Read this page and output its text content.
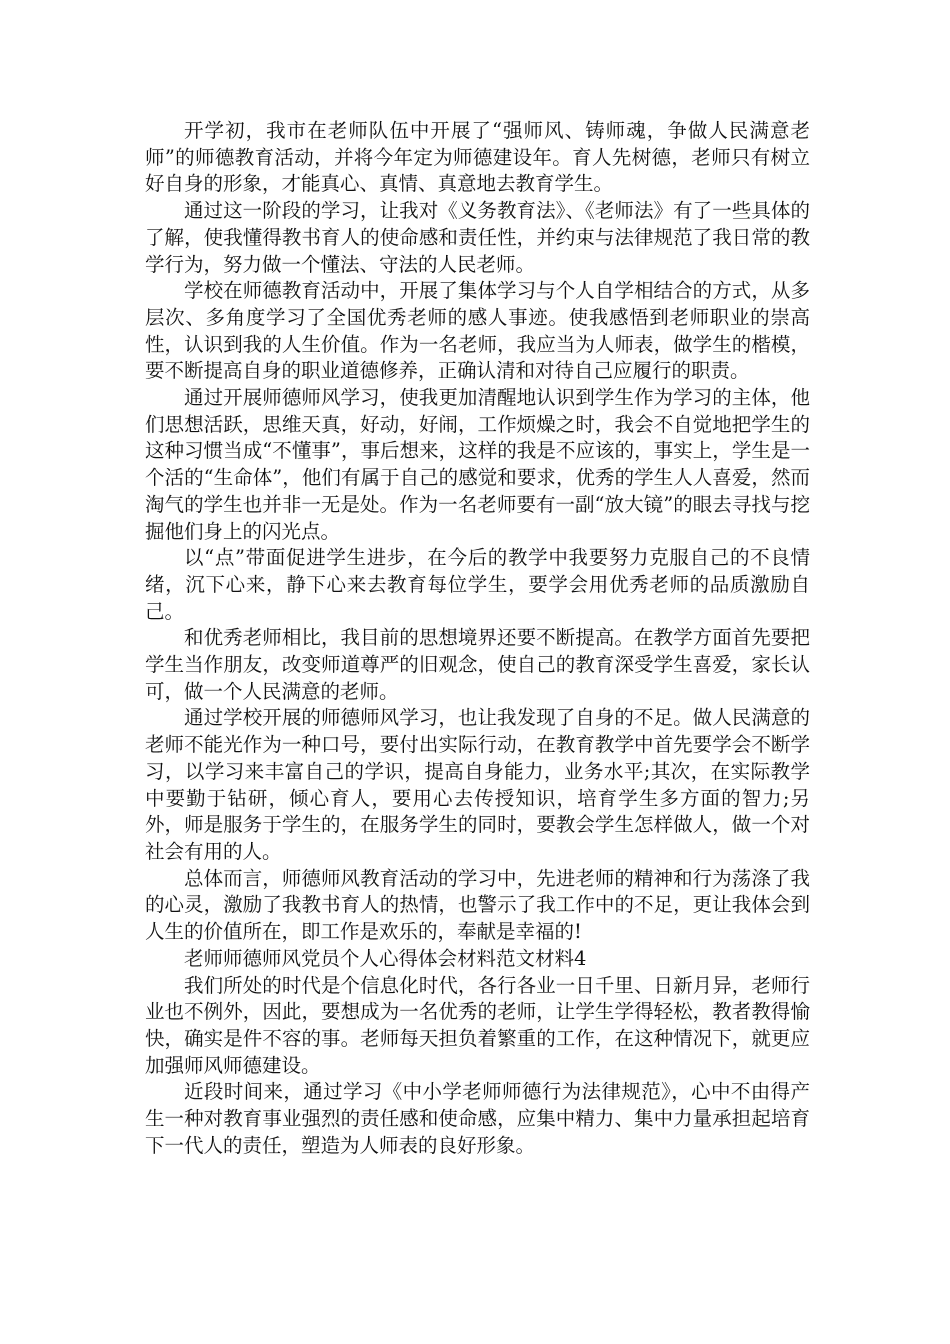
开学初，我市在老师队伍中开展了“强师风、铸师魂，争做人民满意老师”的师德教育活动，并将今年定为师德建设年。育人先树德，老师只有树立好自身的形象，才能真心、真情、真意地去教育学生。

通过这一阶段的学习，让我对《义务教育法》、《老师法》有了一些具体的了解，使我懂得教书育人的使命感和责任性，并约束与法律规范了我日常的教学行为，努力做一个懂法、守法的人民老师。

学校在师德教育活动中，开展了集体学习与个人自学相结合的方式，从多层次、多角度学习了全国优秀老师的感人事迹。使我感悟到老师职业的崇高性，认识到我的人生价值。作为一名老师，我应当为人师表，做学生的楷模，要不断提高自身的职业道德修养，正确认清和对待自己应履行的职责。

通过开展师德师风学习，使我更加清醒地认识到学生作为学习的主体，他们思想活跃，思维天真，好动，好闹，工作烦燥之时，我会不自觉地把学生的这种习惯当成“不懂事”，事后想来，这样的我是不应该的，事实上，学生是一个活的“生命体”，他们有属于自己的感觉和要求，优秀的学生人人喜爱，然而淘气的学生也并非一无是处。作为一名老师要有一副“放大镜”的眼去寻找与挖掘他们身上的闪光点。

以“点”带面促进学生进步，在今后的教学中我要努力克服自己的不良情绪，沉下心来，静下心来去教育每位学生，要学会用优秀老师的品质激励自己。

和优秀老师相比，我目前的思想境界还要不断提高。在教学方面首先要把学生当作朋友，改变师道尊严的旧观念，使自己的教育深受学生喜爱，家长认可，做一个人民满意的老师。

通过学校开展的师德师风学习，也让我发现了自身的不足。做人民满意的老师不能光作为一种口号，要付出实际行动，在教育教学中首先要学会不断学习，以学习来丰富自己的学识，提高自身能力，业务水平;其次，在实际教学中要勤于钻研，倾心育人，要用心去传授知识，培育学生多方面的智力;另外，师是服务于学生的，在服务学生的同时，要教会学生怎样做人，做一个对社会有用的人。

总体而言，师德师风教育活动的学习中，先进老师的精神和行为荡涤了我的心灵，激励了我教书育人的热情，也警示了我工作中的不足，更让我体会到人生的价值所在，即工作是欢乐的，奉献是幸福的!

老师师德师风党员个人心得体会材料范文材料4

我们所处的时代是个信息化时代，各行各业一日千里、日新月异，老师行业也不例外，因此，要想成为一名优秀的老师，让学生学得轻松，教者教得愉快，确实是件不容的事。老师每天担负着繁重的工作，在这种情况下，就更应加强师风师德建设。

近段时间来，通过学习《中小学老师师德行为法律规范》，心中不由得产生一种对教育事业强烈的责任感和使命感，应集中精力、集中力量承担起培育下一代人的责任，塑造为人师表的良好形象。
